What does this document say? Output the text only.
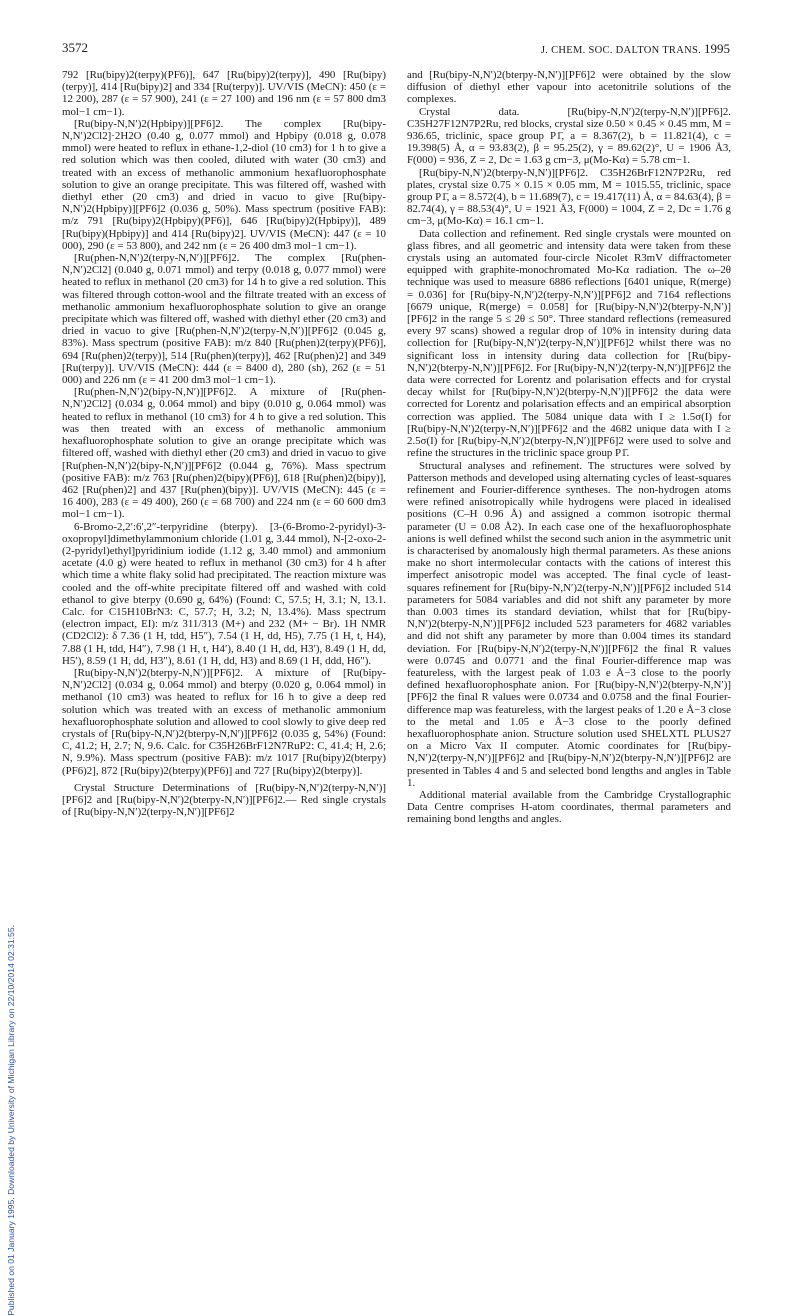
3572	J. CHEM. SOC. DALTON TRANS. 1995
Published on 01 January 1995. Downloaded by University of Michigan Library on 22/10/2014 02:31:55.

792 [Ru(bipy)2(terpy)(PF6)], 647 [Ru(bipy)2(terpy)], 490 [Ru(bipy)(terpy)], 414 [Ru(bipy)2] and 334 [Ru(terpy)]. UV/VIS (MeCN): 450 (ε = 12 200), 287 (ε = 57 900), 241 (ε = 27 100) and 196 nm (ε = 57 800 dm3 mol−1 cm−1).

[Ru(bipy-N,N′)2(Hpbipy)][PF6]2. The complex [Ru(bipy-N,N′)2Cl2]·2H2O (0.40 g, 0.077 mmol) and Hpbipy (0.018 g, 0.078 mmol) were heated to reflux in ethane-1,2-diol (10 cm3) for 1 h to give a red solution which was then cooled, diluted with water (30 cm3) and treated with an excess of methanolic ammonium hexafluorophosphate solution to give an orange precipitate. This was filtered off, washed with diethyl ether (20 cm3) and dried in vacuo to give [Ru(bipy-N,N′)2(Hpbipy)][PF6]2 (0.036 g, 50%). Mass spectrum (positive FAB): m/z 791 [Ru(bipy)2(Hpbipy)(PF6)], 646 [Ru(bipy)2(Hpbipy)], 489 [Ru(bipy)(Hpbipy)] and 414 [Ru(bipy)2]. UV/VIS (MeCN): 447 (ε = 10 000), 290 (ε = 53 800), and 242 nm (ε = 26 400 dm3 mol−1 cm−1).

[Ru(phen-N,N′)2(terpy-N,N′)][PF6]2. The complex [Ru(phen-N,N′)2Cl2] (0.040 g, 0.071 mmol) and terpy (0.018 g, 0.077 mmol) were heated to reflux in methanol (20 cm3) for 14 h to give a red solution. This was filtered through cotton-wool and the filtrate treated with an excess of methanolic ammonium hexafluorophosphate solution to give an orange precipitate which was filtered off, washed with diethyl ether (20 cm3) and dried in vacuo to give [Ru(phen-N,N′)2(terpy-N,N′)][PF6]2 (0.045 g, 83%). Mass spectrum (positive FAB): m/z 840 [Ru(phen)2(terpy)(PF6)], 694 [Ru(phen)2(terpy)], 514 [Ru(phen)(terpy)], 462 [Ru(phen)2] and 349 [Ru(terpy)]. UV/VIS (MeCN): 444 (ε = 8400 d), 280 (sh), 262 (ε = 51 000) and 226 nm (ε = 41 200 dm3 mol−1 cm−1).

[Ru(phen-N,N′)2(bipy-N,N′)][PF6]2. A mixture of [Ru(phen-N,N′)2Cl2] (0.034 g, 0.064 mmol) and bipy (0.010 g, 0.064 mmol) was heated to reflux in methanol (10 cm3) for 4 h to give a red solution. This was then treated with an excess of methanolic ammonium hexafluorophosphate solution to give an orange precipitate which was filtered off, washed with diethyl ether (20 cm3) and dried in vacuo to give [Ru(phen-N,N′)2(bipy-N,N′)][PF6]2 (0.044 g, 76%). Mass spectrum (positive FAB): m/z 763 [Ru(phen)2(bipy)(PF6)], 618 [Ru(phen)2(bipy)], 462 [Ru(phen)2] and 437 [Ru(phen)(bipy)]. UV/VIS (MeCN): 445 (ε = 16 400), 283 (ε = 49 400), 260 (ε = 68 700) and 224 nm (ε = 60 600 dm3 mol−1 cm−1).

6-Bromo-2,2′:6′,2″-terpyridine (bterpy). [3-(6-Bromo-2-pyridyl)-3-oxopropyl]dimethylammonium chloride (1.01 g, 3.44 mmol), N-[2-oxo-2-(2-pyridyl)ethyl]pyridinium iodide (1.12 g, 3.40 mmol) and ammonium acetate (4.0 g) were heated to reflux in methanol (30 cm3) for 4 h after which time a white flaky solid had precipitated. The reaction mixture was cooled and the off-white precipitate filtered off and washed with cold ethanol to give bterpy (0.690 g, 64%) (Found: C, 57.5; H, 3.1; N, 13.1. Calc. for C15H10BrN3: C, 57.7; H, 3.2; N, 13.4%). Mass spectrum (electron impact, EI): m/z 311/313 (M+) and 232 (M+ − Br). 1H NMR (CD2Cl2): δ 7.36 (1 H, tdd, H5″), 7.54 (1 H, dd, H5), 7.75 (1 H, t, H4), 7.88 (1 H, tdd, H4″), 7.98 (1 H, t, H4′), 8.40 (1 H, dd, H3′), 8.49 (1 H, dd, H5′), 8.59 (1 H, dd, H3″), 8.61 (1 H, dd, H3) and 8.69 (1 H, ddd, H6″).

[Ru(bipy-N,N′)2(bterpy-N,N′)][PF6]2. A mixture of [Ru(bipy-N,N′)2Cl2] (0.034 g, 0.064 mmol) and bterpy (0.020 g, 0.064 mmol) in methanol (10 cm3) was heated to reflux for 16 h to give a deep red solution which was treated with an excess of methanolic ammonium hexafluorophosphate solution and allowed to cool slowly to give deep red crystals of [Ru(bipy-N,N′)2(bterpy-N,N′)][PF6]2 (0.035 g, 54%) (Found: C, 41.2; H, 2.7; N, 9.6. Calc. for C35H26BrF12N7RuP2: C, 41.4; H, 2.6; N, 9.9%). Mass spectrum (positive FAB): m/z 1017 [Ru(bipy)2(bterpy)(PF6)2], 872 [Ru(bipy)2(bterpy)(PF6)] and 727 [Ru(bipy)2(bterpy)].

Crystal Structure Determinations of [Ru(bipy-N,N′)2(terpy-N,N′)][PF6]2 and [Ru(bipy-N,N′)2(bterpy-N,N′)][PF6]2.— Red single crystals of [Ru(bipy-N,N′)2(terpy-N,N′)][PF6]2

and [Ru(bipy-N,N′)2(bterpy-N,N′)][PF6]2 were obtained by the slow diffusion of diethyl ether vapour into acetonitrile solutions of the complexes.

Crystal data. [Ru(bipy-N,N′)2(terpy-N,N′)][PF6]2. C35H27F12N7P2Ru, red blocks, crystal size 0.50 × 0.45 × 0.45 mm, M = 936.65, triclinic, space group P1̄, a = 8.367(2), b = 11.821(4), c = 19.398(5) Å, α = 93.83(2), β = 95.25(2), γ = 89.62(2)°, U = 1906 Å3, F(000) = 936, Z = 2, Dc = 1.63 g cm−3, μ(Mo-Kα) = 5.78 cm−1.

[Ru(bipy-N,N′)2(bterpy-N,N′)][PF6]2. C35H26BrF12N7P2Ru, red plates, crystal size 0.75 × 0.15 × 0.05 mm, M = 1015.55, triclinic, space group P1̄, a = 8.572(4), b = 11.689(7), c = 19.417(11) Å, α = 84.63(4), β = 82.74(4), γ = 88.53(4)°, U = 1921 Å3, F(000) = 1004, Z = 2, Dc = 1.76 g cm−3, μ(Mo-Kα) = 16.1 cm−1.

Data collection and refinement. Red single crystals were mounted on glass fibres, and all geometric and intensity data were taken from these crystals using an automated four-circle Nicolet R3mV diffractometer equipped with graphite-monochromated Mo-Kα radiation. The ω–2θ technique was used to measure 6886 reflections [6401 unique, R(merge) = 0.036] for [Ru(bipy-N,N′)2(terpy-N,N′)][PF6]2 and 7164 reflections [6679 unique, R(merge) = 0.058] for [Ru(bipy-N,N′)2(bterpy-N,N′)][PF6]2 in the range 5 ≤ 2θ ≤ 50°. Three standard reflections (remeasured every 97 scans) showed a regular drop of 10% in intensity during data collection for [Ru(bipy-N,N′)2(terpy-N,N′)][PF6]2 whilst there was no significant loss in intensity during data collection for [Ru(bipy-N,N′)2(bterpy-N,N′)][PF6]2. For [Ru(bipy-N,N′)2(terpy-N,N′)][PF6]2 the data were corrected for Lorentz and polarisation effects and for crystal decay whilst for [Ru(bipy-N,N′)2(bterpy-N,N′)][PF6]2 the data were corrected for Lorentz and polarisation effects and an empirical absorption correction was applied. The 5084 unique data with I ≥ 1.5σ(I) for [Ru(bipy-N,N′)2(terpy-N,N′)][PF6]2 and the 4682 unique data with I ≥ 2.5σ(I) for [Ru(bipy-N,N′)2(bterpy-N,N′)][PF6]2 were used to solve and refine the structures in the triclinic space group P1̄.

Structural analyses and refinement. The structures were solved by Patterson methods and developed using alternating cycles of least-squares refinement and Fourier-difference syntheses. The non-hydrogen atoms were refined anisotropically while hydrogens were placed in idealised positions (C–H 0.96 Å) and assigned a common isotropic thermal parameter (U = 0.08 Å2). In each case one of the hexafluorophosphate anions is well defined whilst the second such anion in the asymmetric unit is characterised by anomalously high thermal parameters. As these anions make no short intermolecular contacts with the cations of interest this imperfect anisotropic model was accepted. The final cycle of least-squares refinement for [Ru(bipy-N,N′)2(terpy-N,N′)][PF6]2 included 514 parameters for 5084 variables and did not shift any parameter by more than 0.003 times its standard deviation, whilst that for [Ru(bipy-N,N′)2(bterpy-N,N′)][PF6]2 included 523 parameters for 4682 variables and did not shift any parameter by more than 0.004 times its standard deviation. For [Ru(bipy-N,N′)2(terpy-N,N′)][PF6]2 the final R values were 0.0745 and 0.0771 and the final Fourier-difference map was featureless, with the largest peak of 1.03 e Å−3 close to the poorly defined hexafluorophosphate anion. For [Ru(bipy-N,N′)2(bterpy-N,N′)][PF6]2 the final R values were 0.0734 and 0.0758 and the final Fourier-difference map was featureless, with the largest peaks of 1.20 e Å−3 close to the metal and 1.05 e Å−3 close to the poorly defined hexafluorophosphate anion. Structure solution used SHELXTL PLUS27 on a Micro Vax II computer. Atomic coordinates for [Ru(bipy-N,N′)2(terpy-N,N′)][PF6]2 and [Ru(bipy-N,N′)2(bterpy-N,N′)][PF6]2 are presented in Tables 4 and 5 and selected bond lengths and angles in Table 1.

Additional material available from the Cambridge Crystallographic Data Centre comprises H-atom coordinates, thermal parameters and remaining bond lengths and angles.
